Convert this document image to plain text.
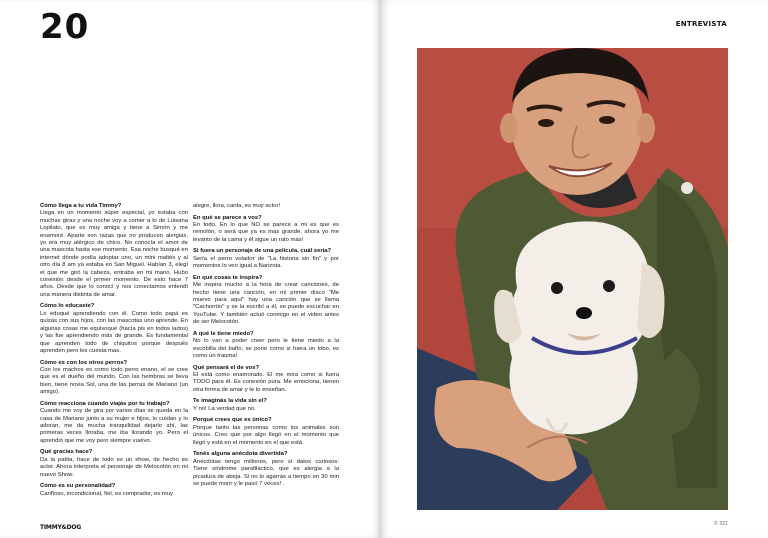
20
Cómo llega a tu vida Timmy?
Llega en un momento súper especial, yo estaba con muchas giras y una noche voy a comer a lo de Luisana Lopilato, que es muy amiga y tiene a Simón y me enamoré. Aparte son razas que no producen alergias, yo era muy alérgico de chico. No conocía el amor de una mascota hasta ese momento. Esa noche busqué en internet dónde podía adoptar uno, un mini maltés y al otro día 8 am ya estaba en San Miguel. Habían 3, elegí el que me giró la cabeza, entraba en mi mano. Hubo conexión desde el primer momento. De esto hace 7 años. Desde que lo conocí y nos conectamos entendí una manera distinta de amar.
Cómo lo educaste?
Lo eduqué aprendiendo con él. Como todo papá es quizás con sus hijos, con las mascotas uno aprende. En algunas cosas me equivoqué (hacía pis en todos lados) y las fue aprendiendo más de grande. Es fundamental que aprenden todo de chiquitos porque después aprenden pero les cuesta mas.
Cómo es con los otros perros?
Con los machos es como todo perro enano, el se cree que es el dueño del mundo. Con las hembras se lleva bien, tiene novia Sol, una de las perras de Mariano (un amigo).
Cómo reacciona cuando viajás por tu trabajo?
Cuando me voy de gira por varios días se queda en la casa de Mariano junto a su mujer e hijos, lo cuidan y lo adoran, me da mucha tranquilidad dejarlo ahí, las primeras veces lloraba, me iba llorando yo. Pero el aprendió que me voy pero siempre vuelvo.
Qué gracias hace?
Da la patita, hace de todo es un show, de hecho es actor. Ahora interpreta el personaje de Melocotón en mi nuevo Show.
Cómo es su personalidad?
Cariñoso, incondicional, fiel, es comprador, es muy
alegre, llora, canta, es muy actor!
En qué se parece a vos?
En todo. En lo que NO se parece a mi es que es remolón, o será que ya es mas grande, ahora yo me levanto de la cama y él sigue un rato más!
Si fuera un personaje de una película, cuál sería?
Sería el perro volador de "La historia sin fin" y por momentos lo veo igual a Narizota.
En qué cosas te inspira?
Me inspira mucho a la hora de crear canciones, de hecho tiene una canción, en mi primer disco "Me muevo para aquí" hay una canción que se llama "Cachorrito" y se la escribí a él, se puede escuchar en YouTube. Y también actuó conmigo en el video antes de ser Melocotón.
A qué le tiene miedo?
No lo van a poder creer pero le tiene miedo a la escobilla del baño, se pone como si fuera un lobo, es como un trauma!
Qué pensará el de vos?
El está como enamorado. El me mira como si fuera TODO para él. Es conexión pura. Me emociona, tienen otra forma de amar y te lo enseñan.
Te imaginás la vida sin el?
Y no! La verdad que no.
Porqué crees que es único?
Porque tanto las personas como los animales son únicos. Creo que por algo llegó en el momento que llegó y está en el momento en el que está.
Tenés alguna anécdota divertida?
Anécdotas tengo millones, pero sí datos curiosos: Tiene síndrome parafiláctico, que es alergia a la picadura de abeja. Si no lo agarrás a tiempo en 30 min se puede morir y le pasó 7 veces! .
TIMMY&DOG
ENTREVISTA
P. 021
